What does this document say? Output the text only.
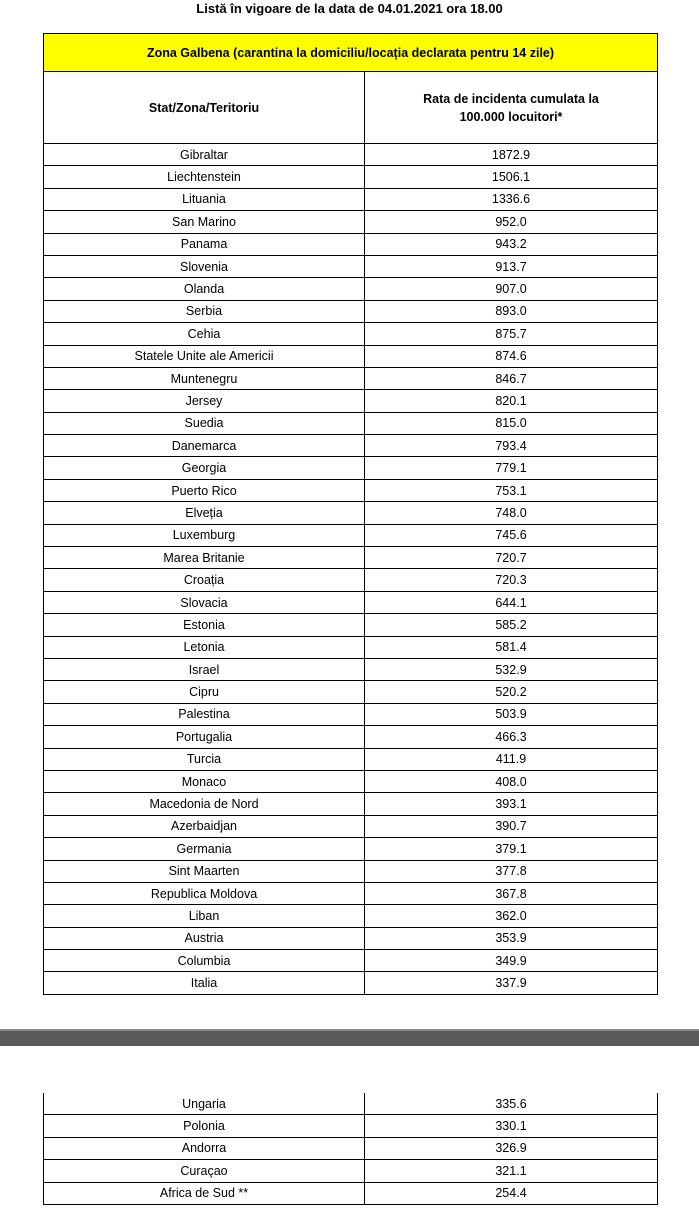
Listă în vigoare de la data de 04.01.2021 ora 18.00
Zona Galbena (carantina la domiciliu/locația declarata pentru 14 zile)	
Stat/Zona/Teritoriu	Rata de incidenta cumulata la 100.000 locuitori*

Gibraltar	1872.9
Liechtenstein	1506.1
Lituania	1336.6
San Marino	952.0
Panama	943.2
Slovenia	913.7
Olanda	907.0
Serbia	893.0
Cehia	875.7
Statele Unite ale Americii	874.6
Muntenegru	846.7
Jersey	820.1
Suedia	815.0
Danemarca	793.4
Georgia	779.1
Puerto Rico	753.1
Elveția	748.0
Luxemburg	745.6
Marea Britanie	720.7
Croația	720.3
Slovacia	644.1
Estonia	585.2
Letonia	581.4
Israel	532.9
Cipru	520.2
Palestina	503.9
Portugalia	466.3
Turcia	411.9
Monaco	408.0
Macedonia de Nord	393.1
Azerbaidjan	390.7
Germania	379.1
Sint Maarten	377.8
Republica Moldova	367.8
Liban	362.0
Austria	353.9
Columbia	349.9
Italia	337.9
Ungaria	335.6
Polonia	330.1
Andorra	326.9
Curaçao	321.1
Africa de Sud **	254.4
